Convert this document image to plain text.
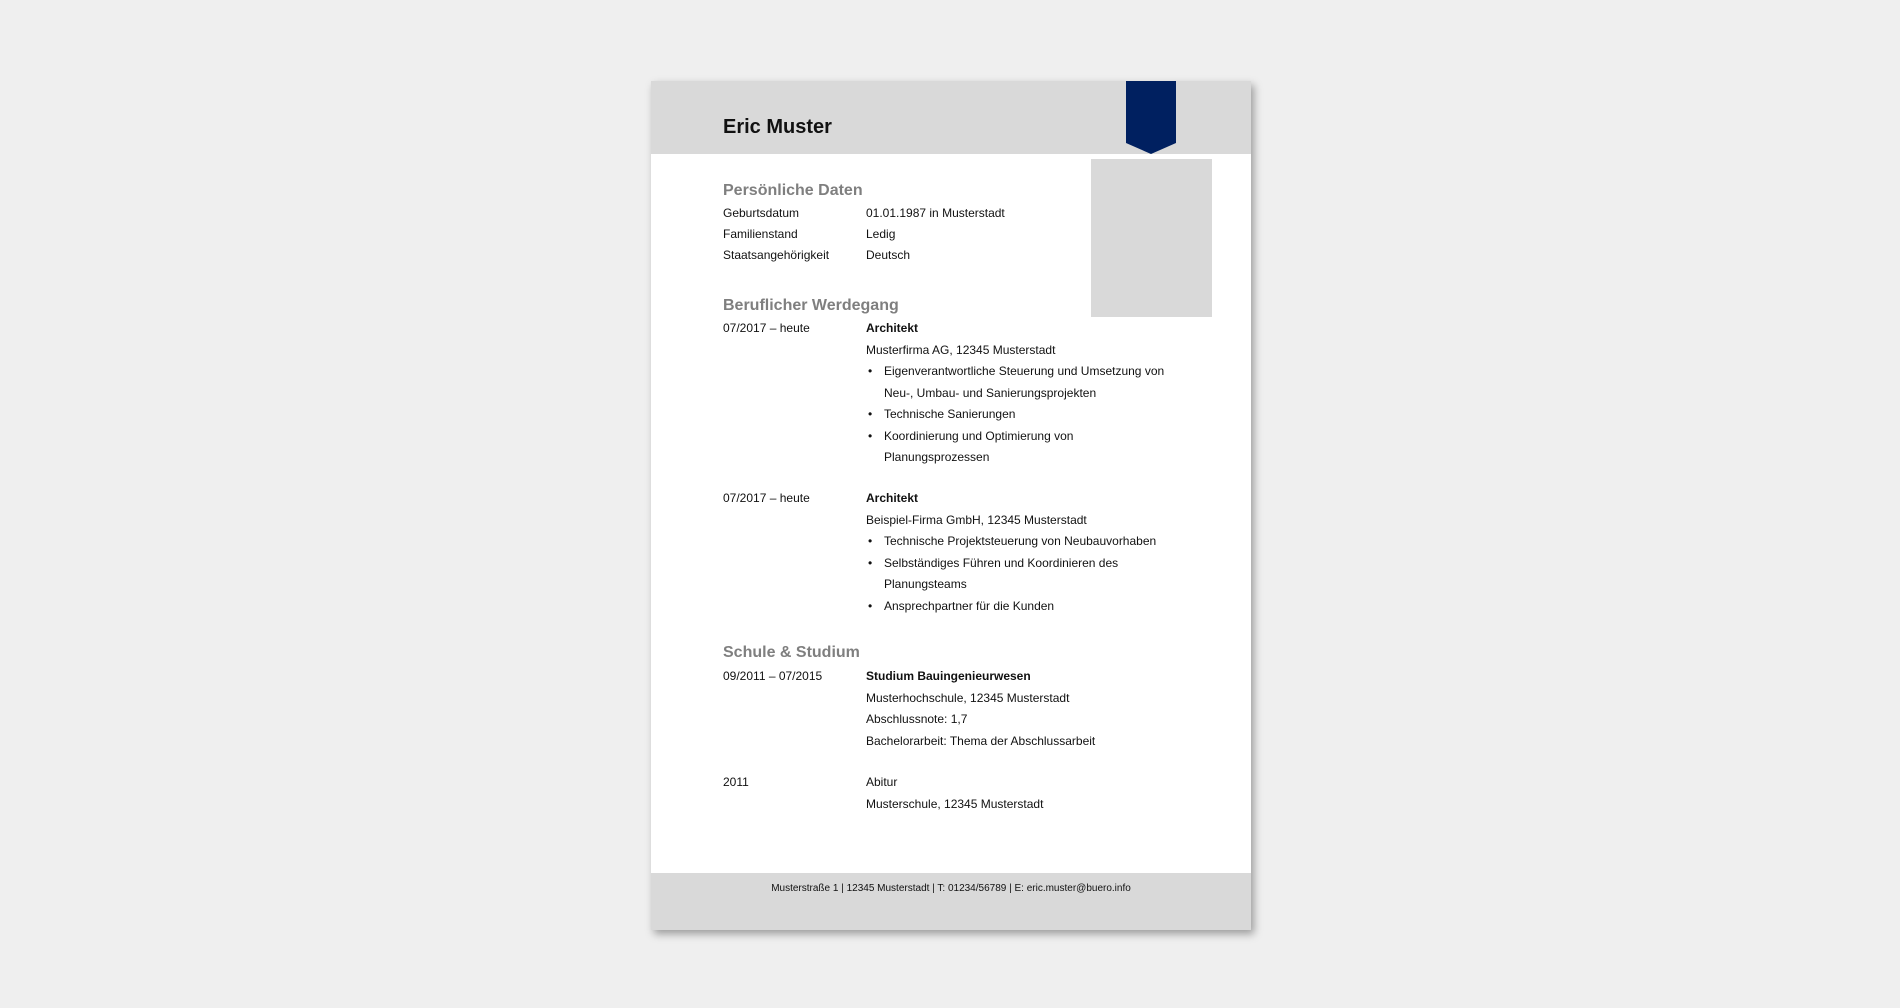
Eric Muster
Persönliche Daten
Geburtsdatum	01.01.1987 in Musterstadt
Familienstand	Ledig
Staatsangehörigkeit	Deutsch
Beruflicher Werdegang
07/2017 – heute	Architekt
Musterfirma AG, 12345 Musterstadt
• Eigenverantwortliche Steuerung und Umsetzung von
Neu-, Umbau- und Sanierungsprojekten
• Technische Sanierungen
• Koordinierung und Optimierung von
Planungsprozessen
07/2017 – heute	Architekt
Beispiel-Firma GmbH, 12345 Musterstadt
• Technische Projektsteuerung von Neubauvorhaben
• Selbständiges Führen und Koordinieren des
Planungsteams
• Ansprechpartner für die Kunden
Schule & Studium
09/2011 – 07/2015	Studium Bauingenieurwesen
Musterhochschule, 12345 Musterstadt
Abschlussnote: 1,7
Bachelorarbeit: Thema der Abschlussarbeit
2011	Abitur
Musterschule, 12345 Musterstadt
Musterstraße 1 | 12345 Musterstadt | T: 01234/56789 | E: eric.muster@buero.info
